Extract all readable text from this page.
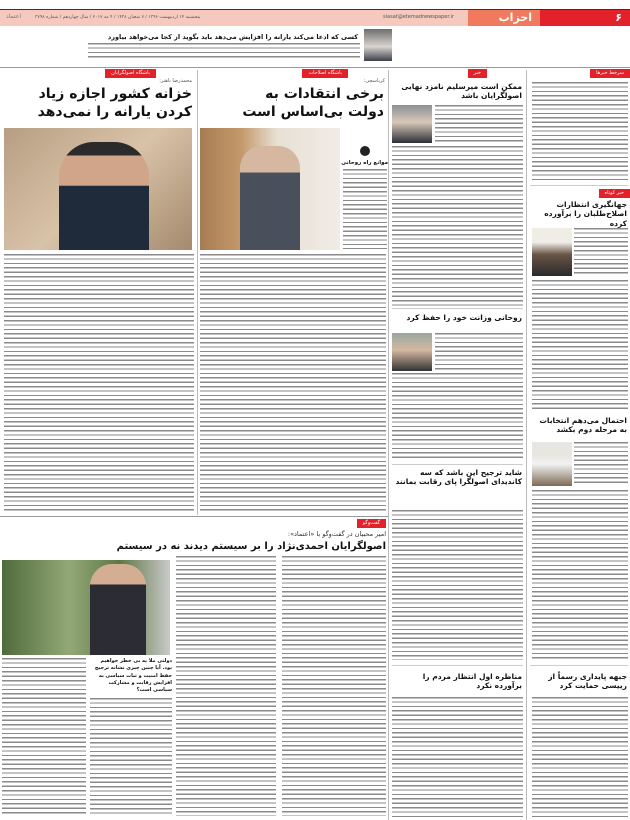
۶
احزاب
siasat@etemadnewspaper.ir
پنجشنبه ۱۴ اردیبهشت ۱۳۹۶ / ۷ شعبان ۱۴۳۸ / ۴ مه ۲۰۱۷ / سال چهاردهم / شماره ۳۷۹۸
اعتماد
کسی که ادعا می‌کند یارانه را افزایش می‌دهد باید بگوید از کجا می‌خواهد بیاورد
سرخط خبرها
خبر
باشگاه اصلاحات
باشگاه اصولگرایان
خبر کوتاه
جهانگیری انتظارات اصلاح‌طلبان را برآورده کرده
احتمال می‌دهم انتخابات به مرحله دوم بکشد
جبهه پایداری رسماً از رییسی حمایت کرد
ممکن است میرسلیم نامزد نهایی اصولگرایان باشد
روحانی وزانت خود را حفظ کرد
شاید ترجیح این باشد که سه کاندیدای اصولگرا پای رقابت بمانند
مناظره اول انتظار مردم را برآورده نکرد
کرباسچی:
برخی انتقادات به دولت بی‌اساس است
موانع راه روحانی
محمدرضا باهنر:
خزانه کشور اجازه زیاد کردن یارانه را نمی‌دهد
گفت‌وگو
امیر محبیان در گفت‌وگو با «اعتماد»:
اصولگرایان احمدی‌نژاد را بر سیستم دیدند نه در سیستم
دولتی ملا یه بی خطر خواهیم بود. آیا چنین چیزی نشانه ترجیح حفظ امنیت و ثبات سیاسی به افزایش رقابت و مشارکت سیاسی است؟
